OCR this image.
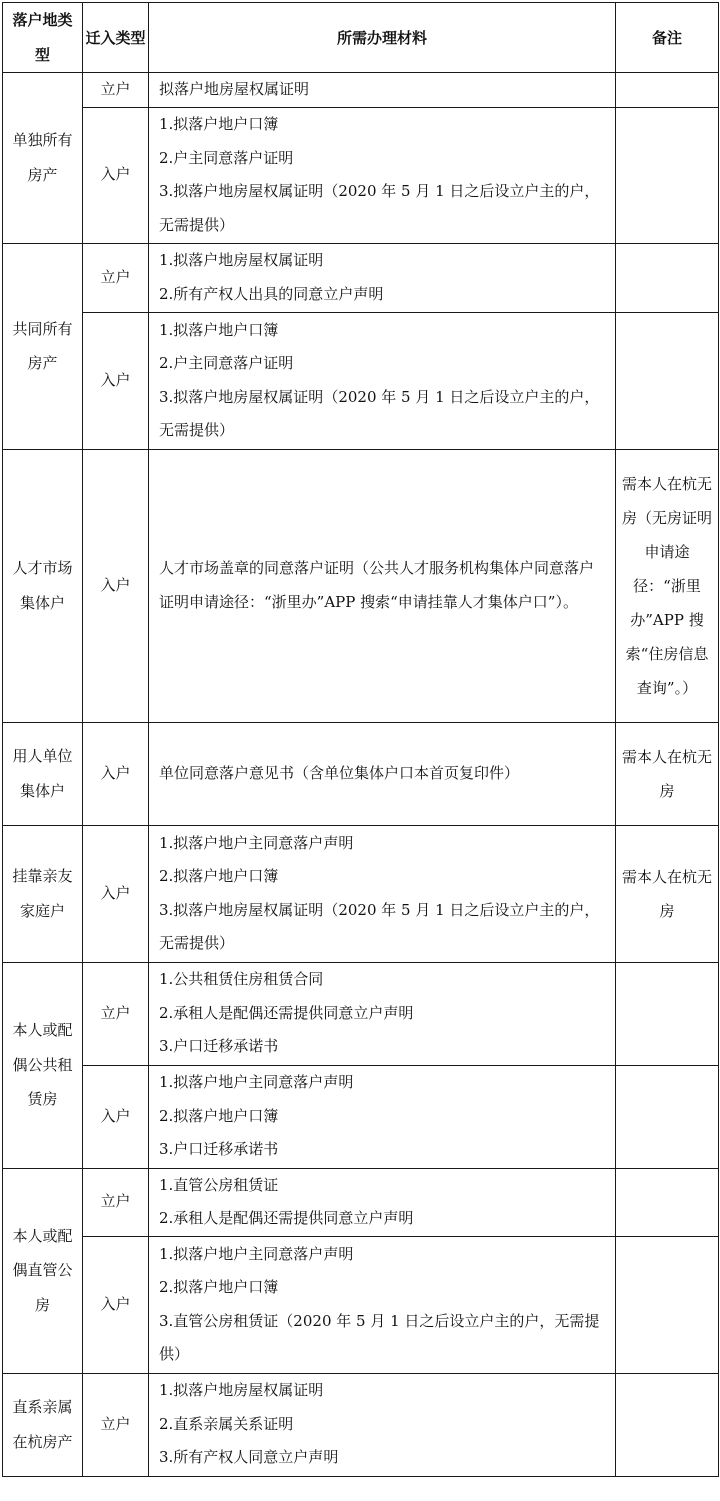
落户地类型	迁入类型	所需办理材料	备注
单独所有房产	立户	拟落户地房屋权属证明	

	入户	1.拟落户地户口簿
2.户主同意落户证明
3.拟落户地房屋权属证明（2020 年 5 月 1 日之后设立户主的户，无需提供）	

共同所有房产	立户	1.拟落户地房屋权属证明
2.所有产权人出具的同意立户声明	

	入户	1.拟落户地户口簿
2.户主同意落户证明
3.拟落户地房屋权属证明（2020 年 5 月 1 日之后设立户主的户，无需提供）	

人才市场集体户	入户	人才市场盖章的同意落户证明（公共人才服务机构集体户同意落户证明申请途径：“浙里办”APP 搜索“申请挂靠人才集体户口”）。	需本人在杭无房（无房证明申请途径：“浙里办”APP 搜索“住房信息查询”。）
用人单位集体户	入户	单位同意落户意见书（含单位集体户口本首页复印件）	需本人在杭无房
挂靠亲友家庭户	入户	1.拟落户地户主同意落户声明
2.拟落户地户口簿
3.拟落户地房屋权属证明（2020 年 5 月 1 日之后设立户主的户，无需提供）	需本人在杭无房
本人或配偶公共租赁房	立户	1.公共租赁住房租赁合同
2.承租人是配偶还需提供同意立户声明
3.户口迁移承诺书	

	入户	1.拟落户地户主同意落户声明
2.拟落户地户口簿
3.户口迁移承诺书	

本人或配偶直管公房	立户	1.直管公房租赁证
2.承租人是配偶还需提供同意立户声明	

	入户	1.拟落户地户主同意落户声明
2.拟落户地户口簿
3.直管公房租赁证（2020 年 5 月 1 日之后设立户主的户，无需提供）	

直系亲属在杭房产	立户	1.拟落户地房屋权属证明
2.直系亲属关系证明
3.所有产权人同意立户声明	
